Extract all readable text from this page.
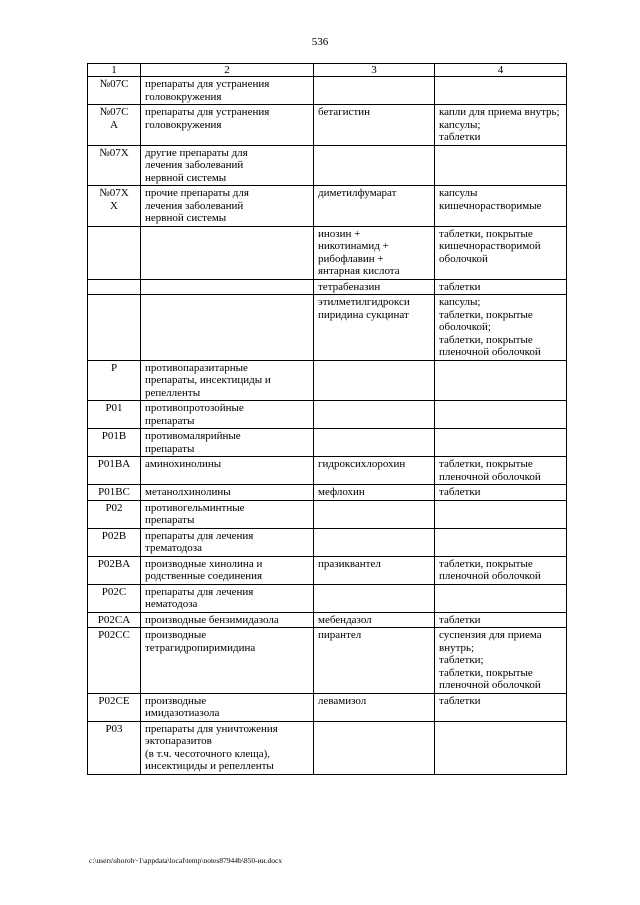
536
1	2	3	4

№07С	препараты для устранения
головокружения		

№07С
А	препараты для устранения
головокружения	бетагистин	капли для приема внутрь;
капсулы;
таблетки

№07Х	другие препараты для
лечения заболеваний
нервной системы		

№07Х
Х	прочие препараты для
лечения заболеваний
нервной системы	диметилфумарат	капсулы
кишечнорастворимые

		инозин +
никотинамид +
рибофлавин +
янтарная кислота	таблетки, покрытые
кишечнорастворимой
оболочкой

		тетрабеназин	таблетки

		этилметилгидрокси
пиридина сукцинат	капсулы;
таблетки, покрытые
оболочкой;
таблетки, покрытые
пленочной оболочкой

P	противопаразитарные
препараты, инсектициды и
репелленты		

P01	противопротозойные
препараты		

P01B	противомалярийные
препараты		

P01BA	аминохинолины	гидроксихлорохин	таблетки, покрытые
пленочной оболочкой

P01BC	метанолхинолины	мефлохин	таблетки

P02	противогельминтные
препараты		

P02B	препараты для лечения
трематодоза		

P02BA	производные хинолина и
родственные соединения	празиквантел	таблетки, покрытые
пленочной оболочкой

P02C	препараты для лечения
нематодоза		

P02CA	производные бензимидазола	мебендазол	таблетки

P02CC	производные
тетрагидропиримидина	пирантел	суспензия для приема
внутрь;
таблетки;
таблетки, покрытые
пленочной оболочкой

P02CE	производные
имидазотиазола	левамизол	таблетки

P03	препараты для уничтожения
эктопаразитов
(в т.ч. чесоточного клеща),
инсектициды и репелленты		

c:\users\shoroh~1\appdata\local\temp\notes87944b\850-ии.docx
